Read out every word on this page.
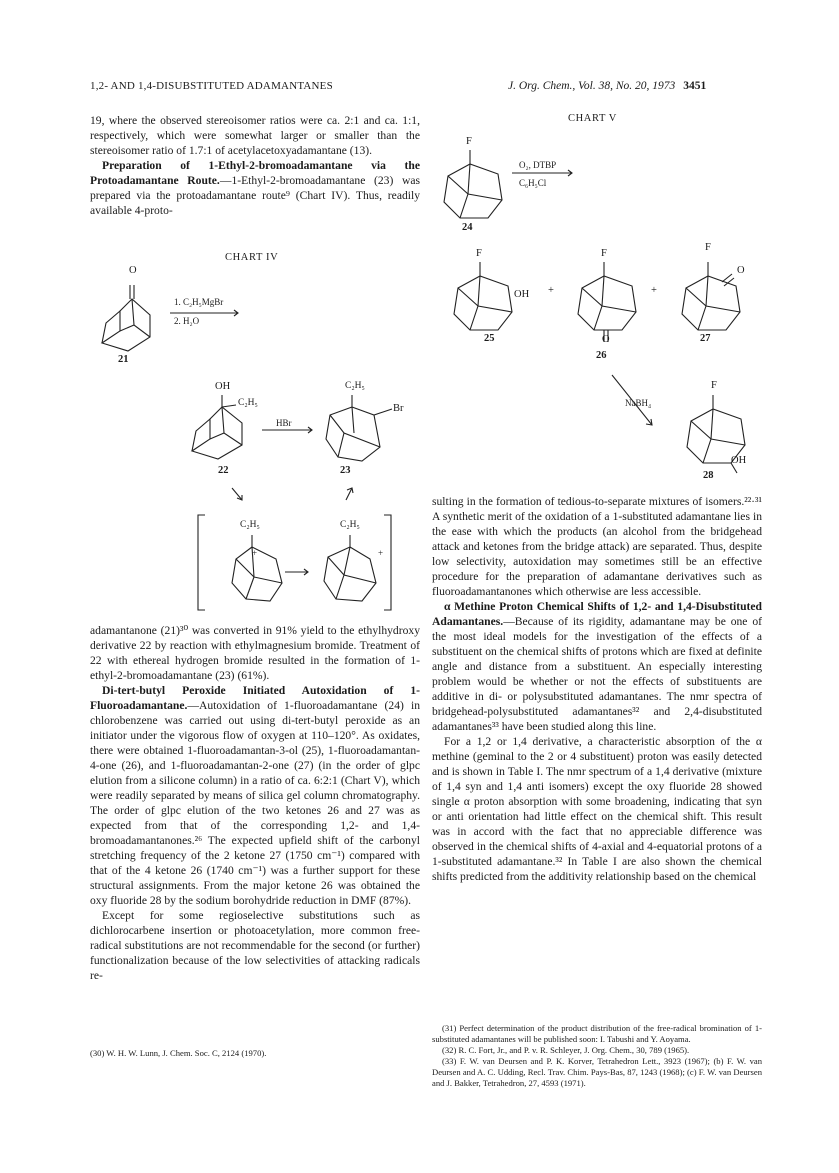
1,2- AND 1,4-DISUBSTITUTED ADAMANTANES	J. Org. Chem., Vol. 38, No. 20, 1973 3451

19, where the observed stereoisomer ratios were ca. 2:1 and ca. 1:1, respectively, which were somewhat larger or smaller than the stereoisomer ratio of 1.7:1 of acetylacetoxyadamantane (13).

Preparation of 1-Ethyl-2-bromoadamantane via the Protoadamantane Route.—1-Ethyl-2-bromoadamantane (23) was prepared via the protoadamantane route⁹ (Chart IV). Thus, readily available 4-proto-

CHART IV
O
1. C₂H₅MgBr
2. H₂O
21
OH
C₂H₅
HBr
C₂H₅
Br
22	23
C₂H₅
+
C₂H₅
+

adamantanone (21)³⁰ was converted in 91% yield to the ethylhydroxy derivative 22 by reaction with ethylmagnesium bromide. Treatment of 22 with ethereal hydrogen bromide resulted in the formation of 1-ethyl-2-bromoadamantane (23) (61%).

Di-tert-butyl Peroxide Initiated Autoxidation of 1-Fluoroadamantane.—Autoxidation of 1-fluoroadamantane (24) in chlorobenzene was carried out using di-tert-butyl peroxide as an initiator under the vigorous flow of oxygen at 110–120°. As oxidates, there were obtained 1-fluoroadamantan-3-ol (25), 1-fluoroadamantan-4-one (26), and 1-fluoroadamantan-2-one (27) (in the order of glpc elution from a silicone column) in a ratio of ca. 6:2:1 (Chart V), which were readily separated by means of silica gel column chromatography. The order of glpc elution of the two ketones 26 and 27 was as expected from that of the corresponding 1,2- and 1,4-bromoadamantanones.²⁶ The expected upfield shift of the carbonyl stretching frequency of the 2 ketone 27 (1750 cm⁻¹) compared with that of the 4 ketone 26 (1740 cm⁻¹) was a further support for these structural assignments. From the major ketone 26 was obtained the oxy fluoride 28 by the sodium borohydride reduction in DMF (87%).

Except for some regioselective substitutions such as dichlorocarbene insertion or photoacetylation, more common free-radical substitutions are not recommendable for the second (or further) functionalization because of the low selectivities of attacking radicals re-

(30) W. H. W. Lunn, J. Chem. Soc. C, 2124 (1970).
CHART V
F
O₂, DTBP
C₆H₅Cl
24
F
OH +
F
+
F
O
25	O	27
26
NaBH₄
F
OH
28

sulting in the formation of tedious-to-separate mixtures of isomers.²²·³¹ A synthetic merit of the oxidation of a 1-substituted adamantane lies in the ease with which the products (an alcohol from the bridgehead attack and ketones from the bridge attack) are separated. Thus, despite low selectivity, autoxidation may sometimes still be an effective procedure for the preparation of adamantane derivatives such as fluoroadamantanones which otherwise are less accessible.

α Methine Proton Chemical Shifts of 1,2- and 1,4-Disubstituted Adamantanes.—Because of its rigidity, adamantane may be one of the most ideal models for the investigation of the effects of a substituent on the chemical shifts of protons which are fixed at definite angle and distance from a substituent. An especially interesting problem would be whether or not the effects of substituents are additive in di- or polysubstituted adamantanes. The nmr spectra of bridgehead-polysubstituted adamantanes³² and 2,4-disubstituted adamantanes³³ have been studied along this line.

For a 1,2 or 1,4 derivative, a characteristic absorption of the α methine (geminal to the 2 or 4 substituent) proton was easily detected and is shown in Table I. The nmr spectrum of a 1,4 derivative (mixture of 1,4 syn and 1,4 anti isomers) except the oxy fluoride 28 showed single α proton absorption with some broadening, indicating that syn or anti orientation had little effect on the chemical shift. This result was in accord with the fact that no appreciable difference was observed in the chemical shifts of 4-axial and 4-equatorial protons of a 1-substituted adamantane.³² In Table I are also shown the chemical shifts predicted from the additivity relationship based on the chemical

(31) Perfect determination of the product distribution of the free-radical bromination of 1-substituted adamantanes will be published soon: I. Tabushi and Y. Aoyama.

(32) R. C. Fort, Jr., and P. v. R. Schleyer, J. Org. Chem., 30, 789 (1965).

(33) F. W. van Deursen and P. K. Korver, Tetrahedron Lett., 3923 (1967); (b) F. W. van Deursen and A. C. Udding, Recl. Trav. Chim. Pays-Bas, 87, 1243 (1968); (c) F. W. van Deursen and J. Bakker, Tetrahedron, 27, 4593 (1971).
